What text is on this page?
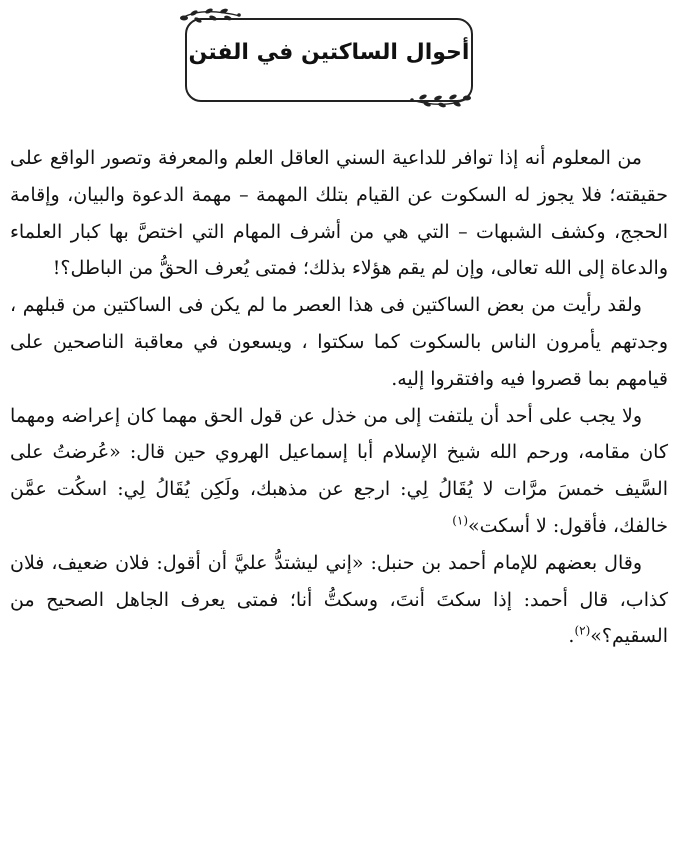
أحوال الساكتين في الفتن

من المعلوم أنه إذا توافر للداعية السني العاقل العلم والمعرفة وتصور الواقع على حقيقته؛ فلا يجوز له السكوت عن القيام بتلك المهمة – مهمة الدعوة والبيان، وإقامة الحجج، وكشف الشبهات – التي هي من أشرف المهام التي اختصَّ بها كبار العلماء والدعاة إلى الله تعالى، وإن لم يقم هؤلاء بذلك؛ فمتى يُعرف الحقُّ من الباطل؟!

ولقد رأيت من بعض الساكتين فى هذا العصر ما لم يكن فى الساكتين من قبلهم ، وجدتهم يأمرون الناس بالسكوت كما سكتوا ، ويسعون في معاقبة الناصحين على قيامهم بما قصروا فيه وافتقروا إليه.

ولا يجب على أحد أن يلتفت إلى من خذل عن قول الحق مهما كان إعراضه ومهما كان مقامه، ورحم الله شيخ الإسلام أبا إسماعيل الهروي حين قال: «عُرضتُ على السَّيف خمسَ مرَّات لا يُقَالُ لِي: ارجع عن مذهبك، ولَكِن يُقَالُ لِي: اسكُت عمَّن خالفك، فأقول: لا أسكت»$^{(١)}$

وقال بعضهم للإمام أحمد بن حنبل: «إني ليشتدُّ عليَّ أن أقول: فلان ضعيف، فلان كذاب، قال أحمد: إذا سكتَ أنتَ، وسكتُّ أنا؛ فمتى يعرف الجاهل الصحيح من السقيم؟»$^{(٢)}$.
